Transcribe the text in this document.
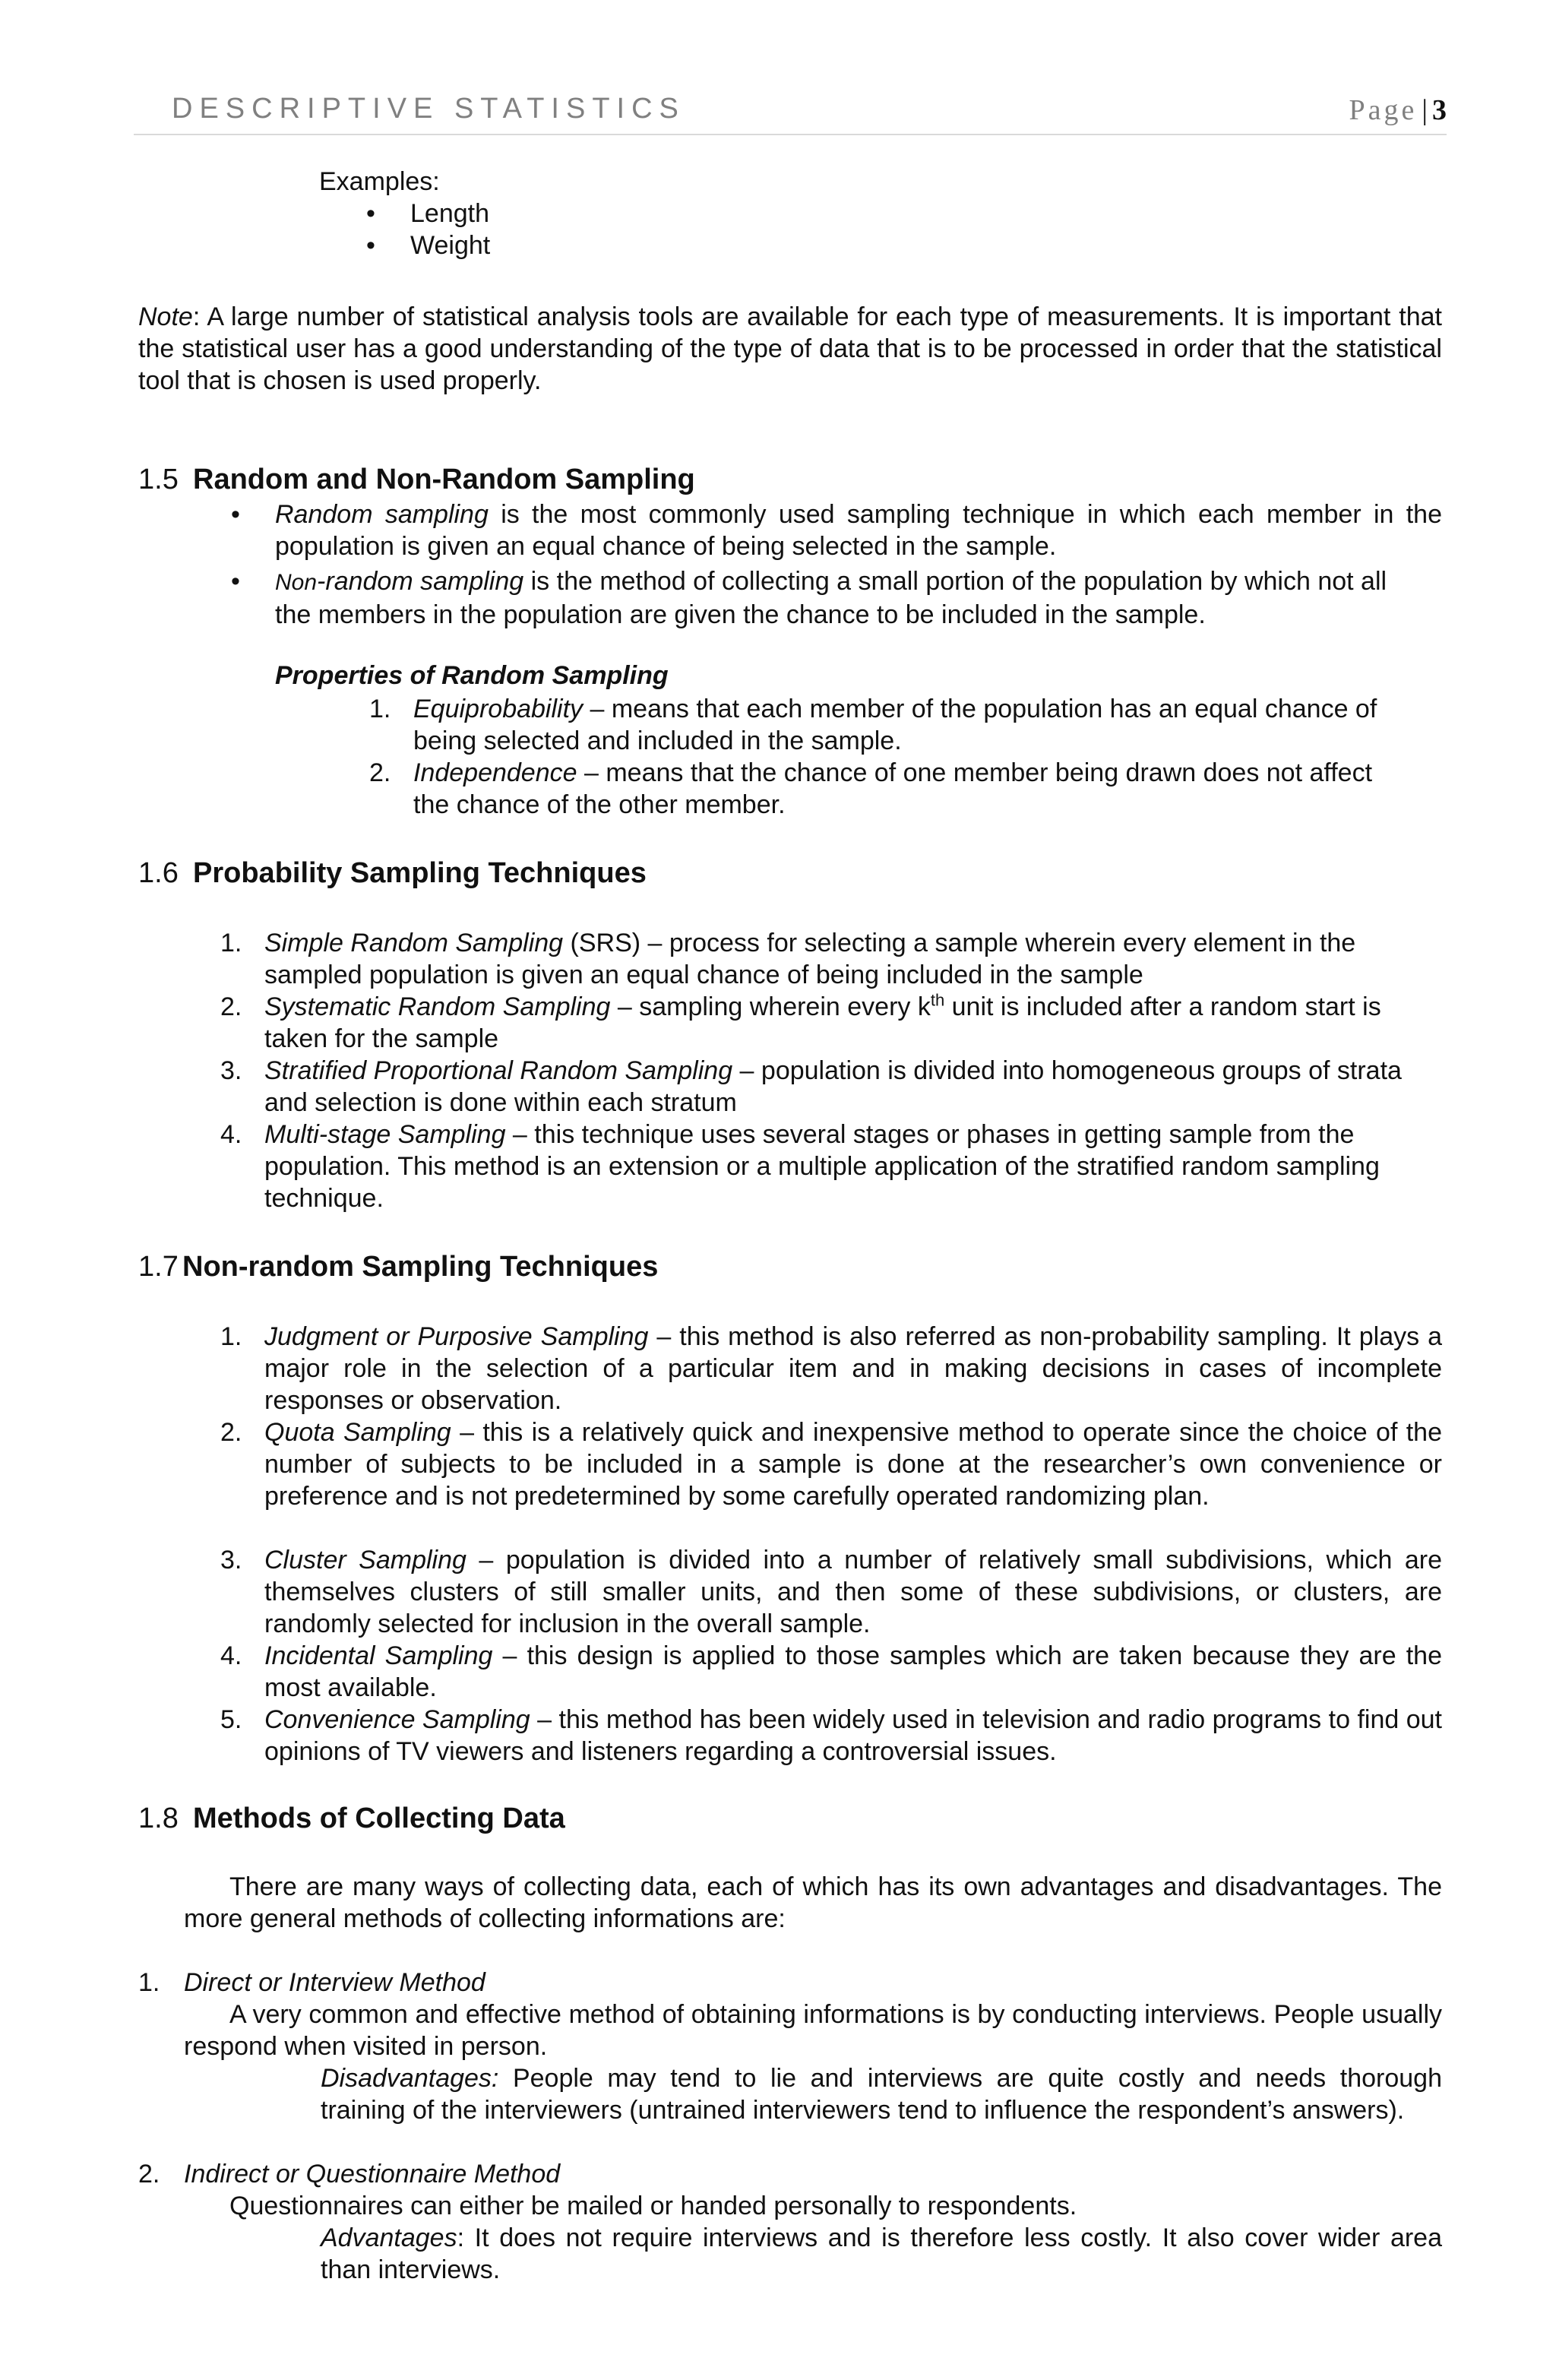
DESCRIPTIVE STATISTICS	Page | 3
Examples:
• Length
• Weight
Note: A large number of statistical analysis tools are available for each type of measurements. It is important that the statistical user has a good understanding of the type of data that is to be processed in order that the statistical tool that is chosen is used properly.
1.5 Random and Non-Random Sampling
• Random sampling is the most commonly used sampling technique in which each member in the population is given an equal chance of being selected in the sample.
• Non-random sampling is the method of collecting a small portion of the population by which not all the members in the population are given the chance to be included in the sample.
Properties of Random Sampling
1. Equiprobability – means that each member of the population has an equal chance of being selected and included in the sample.
2. Independence – means that the chance of one member being drawn does not affect the chance of the other member.
1.6 Probability Sampling Techniques
1. Simple Random Sampling (SRS) – process for selecting a sample wherein every element in the sampled population is given an equal chance of being included in the sample
2. Systematic Random Sampling – sampling wherein every $k^{th}$ unit is included after a random start is taken for the sample
3. Stratified Proportional Random Sampling – population is divided into homogeneous groups of strata and selection is done within each stratum
4. Multi-stage Sampling – this technique uses several stages or phases in getting sample from the population. This method is an extension or a multiple application of the stratified random sampling technique.
1.7 Non-random Sampling Techniques
1. Judgment or Purposive Sampling – this method is also referred as non-probability sampling. It plays a major role in the selection of a particular item and in making decisions in cases of incomplete responses or observation.
2. Quota Sampling – this is a relatively quick and inexpensive method to operate since the choice of the number of subjects to be included in a sample is done at the researcher’s own convenience or preference and is not predetermined by some carefully operated randomizing plan.
3. Cluster Sampling – population is divided into a number of relatively small subdivisions, which are themselves clusters of still smaller units, and then some of these subdivisions, or clusters, are randomly selected for inclusion in the overall sample.
4. Incidental Sampling – this design is applied to those samples which are taken because they are the most available.
5. Convenience Sampling – this method has been widely used in television and radio programs to find out opinions of TV viewers and listeners regarding a controversial issues.
1.8 Methods of Collecting Data
There are many ways of collecting data, each of which has its own advantages and disadvantages. The more general methods of collecting informations are:
1. Direct or Interview Method
A very common and effective method of obtaining informations is by conducting interviews. People usually respond when visited in person.
Disadvantages: People may tend to lie and interviews are quite costly and needs thorough training of the interviewers (untrained interviewers tend to influence the respondent’s answers).
2. Indirect or Questionnaire Method
Questionnaires can either be mailed or handed personally to respondents.
Advantages: It does not require interviews and is therefore less costly. It also cover wider area than interviews.
